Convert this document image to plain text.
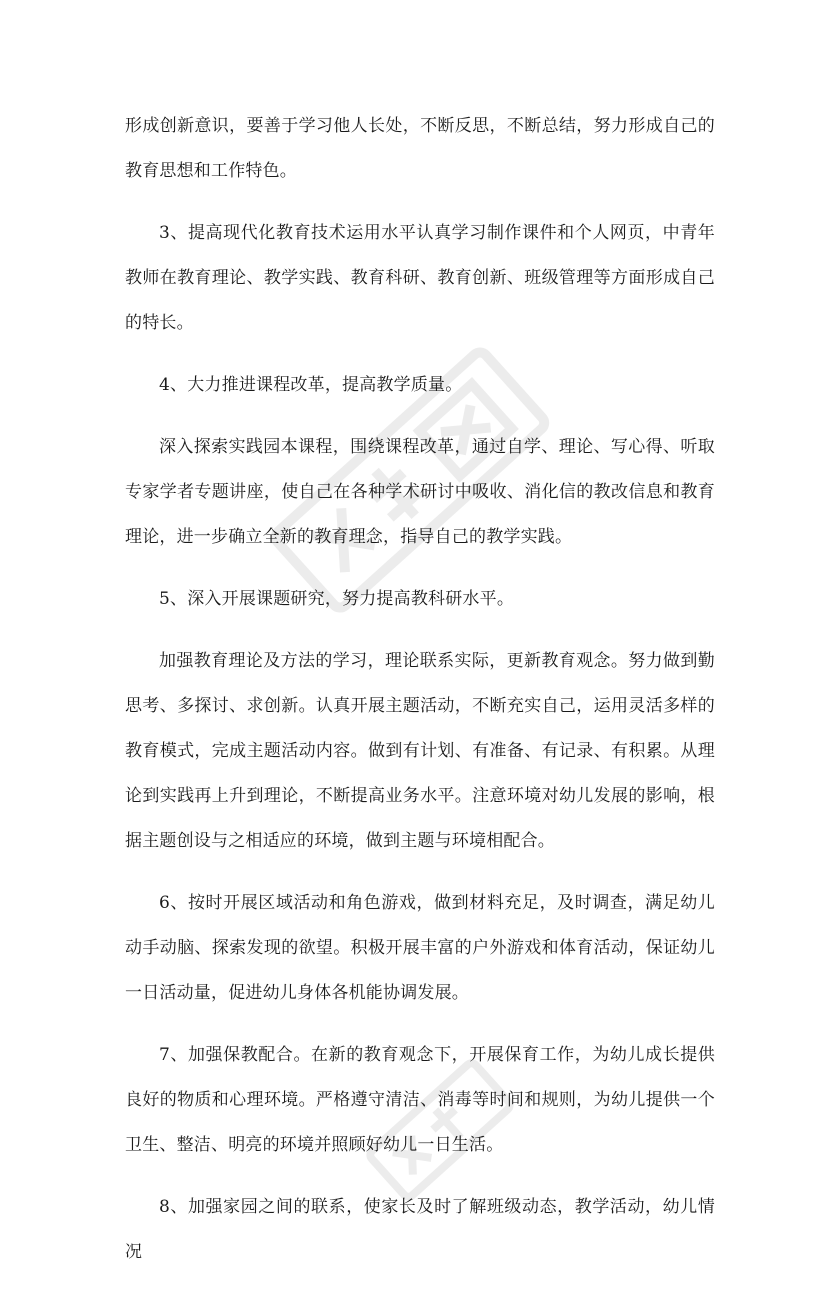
形成创新意识，要善于学习他人长处，不断反思，不断总结，努力形成自己的教育思想和工作特色。

3、提高现代化教育技术运用水平认真学习制作课件和个人网页，中青年教师在教育理论、教学实践、教育科研、教育创新、班级管理等方面形成自己的特长。

4、大力推进课程改革，提高教学质量。

深入探索实践园本课程，围绕课程改革，通过自学、理论、写心得、听取专家学者专题讲座，使自己在各种学术研讨中吸收、消化信的教改信息和教育理论，进一步确立全新的教育理念，指导自己的教学实践。

5、深入开展课题研究，努力提高教科研水平。

加强教育理论及方法的学习，理论联系实际，更新教育观念。努力做到勤思考、多探讨、求创新。认真开展主题活动，不断充实自己，运用灵活多样的教育模式，完成主题活动内容。做到有计划、有准备、有记录、有积累。从理论到实践再上升到理论，不断提高业务水平。注意环境对幼儿发展的影响，根据主题创设与之相适应的环境，做到主题与环境相配合。

6、按时开展区域活动和角色游戏，做到材料充足，及时调查，满足幼儿动手动脑、探索发现的欲望。积极开展丰富的户外游戏和体育活动，保证幼儿一日活动量，促进幼儿身体各机能协调发展。

7、加强保教配合。在新的教育观念下，开展保育工作，为幼儿成长提供良好的物质和心理环境。严格遵守清洁、消毒等时间和规则，为幼儿提供一个卫生、整洁、明亮的环境并照顾好幼儿一日生活。

8、加强家园之间的联系，使家长及时了解班级动态，教学活动，幼儿情况
